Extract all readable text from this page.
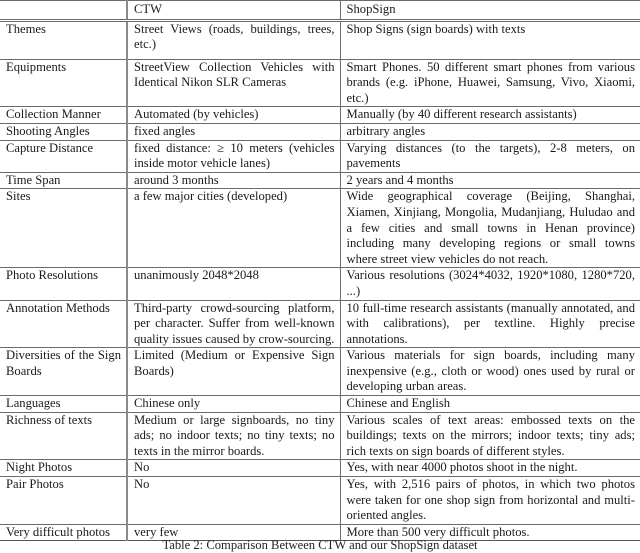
	CTW	ShopSign
Themes	Street Views (roads, buildings, trees, etc.)	Shop Signs (sign boards) with texts
Equipments	StreetView Collection Vehicles with Identical Nikon SLR Cameras	Smart Phones. 50 different smart phones from various brands (e.g. iPhone, Huawei, Samsung, Vivo, Xiaomi, etc.)
Collection Manner	Automated (by vehicles)	Manually (by 40 different research assistants)
Shooting Angles	fixed angles	arbitrary angles
Capture Distance	fixed distance: ≥ 10 meters (vehicles inside motor vehicle lanes)	Varying distances (to the targets), 2-8 meters, on pavements
Time Span	around 3 months	2 years and 4 months
Sites	a few major cities (developed)	Wide geographical coverage (Beijing, Shanghai, Xiamen, Xinjiang, Mongolia, Mudanjiang, Huludao and a few cities and small towns in Henan province) including many developing regions or small towns where street view vehicles do not reach.
Photo Resolutions	unanimously 2048*2048	Various resolutions (3024*4032, 1920*1080, 1280*720, ...)
Annotation Methods	Third-party crowd-sourcing platform, per character. Suffer from well-known quality issues caused by crow-sourcing.	10 full-time research assistants (manually annotated, and with calibrations), per textline. Highly precise annotations.
Diversities of the Sign Boards	Limited (Medium or Expensive Sign Boards)	Various materials for sign boards, including many inexpensive (e.g., cloth or wood) ones used by rural or developing urban areas.
Languages	Chinese only	Chinese and English
Richness of texts	Medium or large signboards, no tiny ads; no indoor texts; no tiny texts; no texts in the mirror boards.	Various scales of text areas: embossed texts on the buildings; texts on the mirrors; indoor texts; tiny ads; rich texts on sign boards of different styles.
Night Photos	No	Yes, with near 4000 photos shoot in the night.
Pair Photos	No	Yes, with 2,516 pairs of photos, in which two photos were taken for one shop sign from horizontal and multi-oriented angles.
Very difficult photos	very few	More than 500 very difficult photos.
Table 2: Comparison Between CTW and our ShopSign dataset
